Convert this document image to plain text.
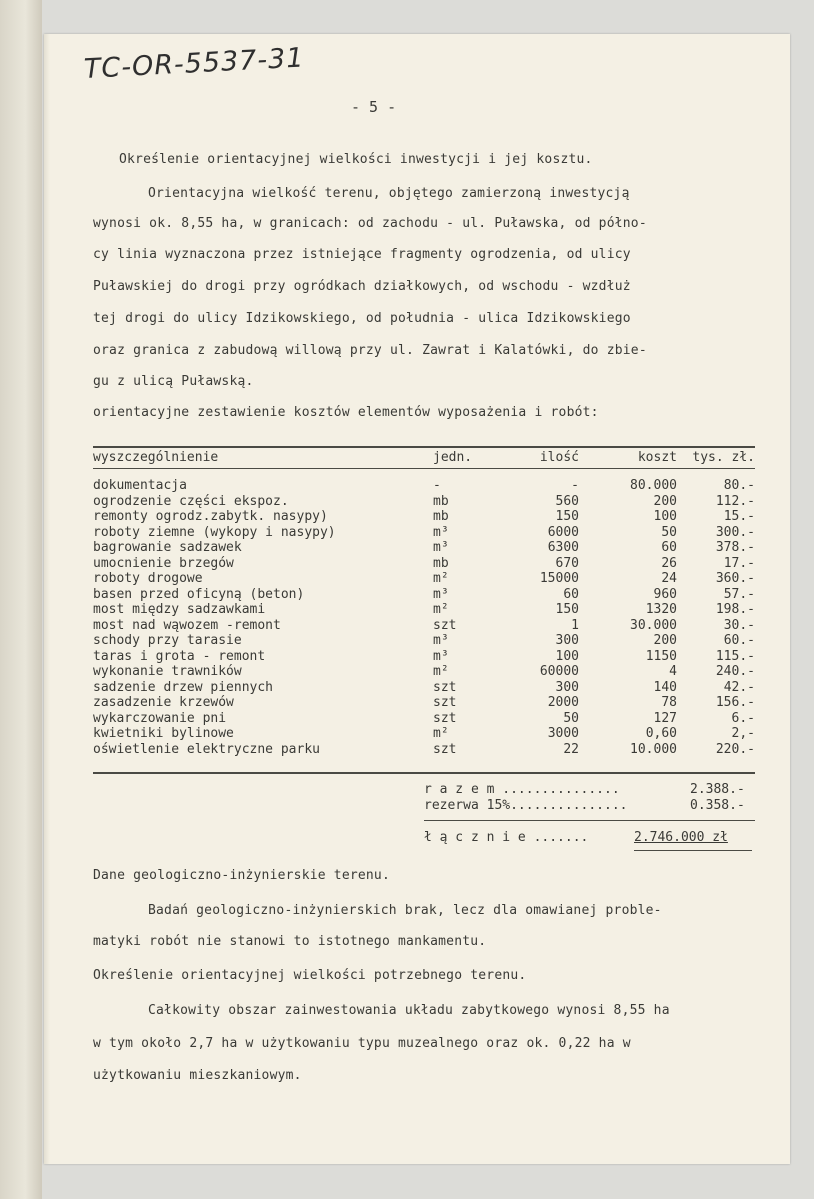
TC-OR-5537-31
- 5 -
Określenie orientacyjnej wielkości inwestycji i jej kosztu.
Orientacyjna wielkość terenu, objętego zamierzoną inwestycją
wynosi ok. 8,55 ha, w granicach: od zachodu - ul. Puławska, od półno-
cy linia wyznaczona przez istniejące fragmenty ogrodzenia, od ulicy
Puławskiej do drogi przy ogródkach działkowych, od wschodu - wzdłuż
tej drogi do ulicy Idzikowskiego, od południa - ulica Idzikowskiego
oraz granica z zabudową willową przy ul. Zawrat i Kalatówki, do zbie-
gu z ulicą Puławską.
orientacyjne zestawienie kosztów elementów wyposażenia i robót:
wyszczególnienie	jedn.	ilość	koszt tys. zł.
dokumentacja	-	-	80.000	80.-
ogrodzenie części ekspoz.	mb	560	200	112.-
remonty ogrodz.zabytk. nasypy)	mb	150	100	15.-
roboty ziemne (wykopy i nasypy)	m³	6000	50	300.-
bagrowanie sadzawek	m³	6300	60	378.-
umocnienie brzegów	mb	670	26	17.-
roboty drogowe	m²	15000	24	360.-
basen przed oficyną (beton)	m³	60	960	57.-
most między sadzawkami	m²	150	1320	198.-
most nad wąwozem -remont	szt	1	30.000	30.-
schody przy tarasie	m³	300	200	60.-
taras i grota - remont	m³	100	1150	115.-
wykonanie trawników	m²	60000	4	240.-
sadzenie drzew piennych	szt	300	140	42.-
zasadzenie krzewów	szt	2000	78	156.-
wykarczowanie pni	szt	50	127	6.-
kwietniki bylinowe	m²	3000	0,60	2,-
oświetlenie elektryczne parku	szt	22	10.000	220.-
r a z e m ...............	2.388.-
rezerwa 15%...............	0.358.-
ł ą c z n i e .......	2.746.000 zł
Dane geologiczno-inżynierskie terenu.
Badań geologiczno-inżynierskich brak, lecz dla omawianej proble-
matyki robót nie stanowi to istotnego mankamentu.
Określenie orientacyjnej wielkości potrzebnego terenu.
Całkowity obszar zainwestowania układu zabytkowego wynosi 8,55 ha
w tym około 2,7 ha w użytkowaniu typu muzealnego oraz ok. 0,22 ha w
użytkowaniu mieszkaniowym.
